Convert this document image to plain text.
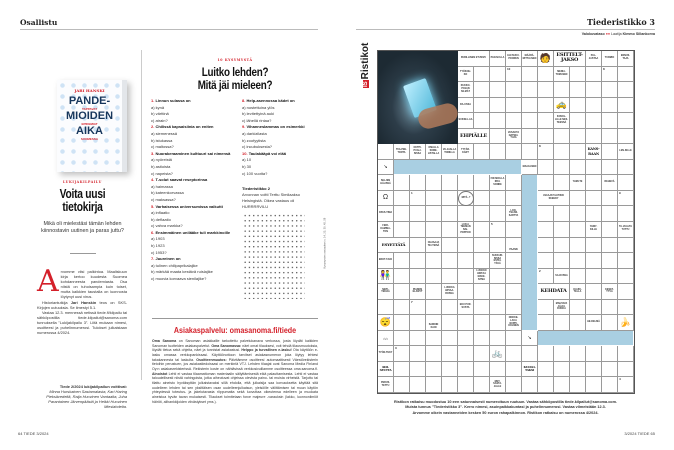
Osallistu
JARI HANSKI
PANDE-
TAPPAVAT
MIOIDEN
EPIDEMIAT
AIKA
SUOMESSA
LUKIJAKILPAILU
Voita uusi tietokirja
Mikä oli mielestäsi tämän lehden kiinnostavin uutinen ja paras juttu?

Arvomme viisi palkintoa. Maaliskuun kirja kertoo kuudesta Suomea kohdanneesta pandemiasta. Osa niistä on tuhoisampia kuin toiset, mutta kaikkien taustalla on luonnosta löytynyt uusi virus.

Historiantutkija Jari Hanskin teos on SKS-Kirjojen uutuuksia. Se ilmestyi 5.1.

Vastaa 12.3. mennessä netissä tiede.fi/kilpailu tai sähköpostilla tiede.kilpailut@sanoma.com tunnuksella "Lukijakilpailu 3". Liitä mukaan nimesi, osoitteesi ja puhelinnumerosi. Tulokset julkaistaan numerossa 4/2024.

Tiede 2/2024 lukijakilpailun voittivat:
Minna Hurskainen Sastamalasta, Kari Haring Pieksävedeltä, Raija Huovinen Vantaalta, Juha Parantainen Järvenpäästä ja Heikki Huovinen Mieslahdelta.
64 TIEDE 3/2024
10 KYSYMYSTÄ
Luitko lehden?
Mitä jäi mieleen?
1. Linnun sulassa on
a) kynä
b) värttinä
c) atrain?
2. Chilissä kapsaisiinia on eniten
a) siemenessä
b) istukassa
c) maltossa?
3. Nuorakeraaminen kulttuuri sai nimensä
a) nyöreistä
b) astioista
c) napeista?
4. T-solut saavat reseptorinsa
a) haimassa
b) kateenkorvassa
c) maksassa?
5. Varhaisessa universumissa vaikutti
a) inflaatio
b) deflaatio
c) vahva markka?
6. Ensimmäinen unilääke tuli markkinoille
a) 1903
b) 1923
c) 1953?
7. Juureinen on
a) tulinen chilipaprikalajike
b) märkää maata kestävä ruislajike
c) muovia korvaava sienilajike?
8. Help-asennossa kädet on
a) nostettuina ylös
b) levitettyinä auki
c) lähellä rintaa?
9. Vihanneslammas on esimerkki
a) darkizilasta
b) zoofyytista
c) incubuksesta?
10. Taulakääpä voi elää
a) 10
b) 30
c) 100 vuotta?
Tiederistikko 2
Arvonnan voitti Terttu Similaakso Helsingistä. Oikea vastaus oli HURRRRVILU
Kysymysten vastaukset s. 14, 25, 30, 45, 58
Asiakaspalvelu: omasanoma.fi/tiede
Oma Sanoma on Sanoman asiakkaille tarkoitettu palvelukanava verkossa, josta löydät kaikkien Sanoman tuotteiden asiakaspalvelut. Oma Sanomassa: näet omat tilauksesi, voit tehdä tilausmuutoksia, löydät tietoa sekä ohjeita, näet ja tunnistat asiakastusi. Helppo ja turvallinen e-lasku! Ota käyttöön e-lasku omassa verkkopankissasi. Käyttöönottoon tarvitset asiakasnumeron joka löytyy lehtesi takakannesta tai laskulta. Osoitteenmuutos: Päivitämme osoitteesi automaattisesti Väestörekisterin tietoihin perustuen, jos asiakastiedoissasi on merkintä VTJ. Lehden tilaajat ovat Sanoma Media Finland Oy:n asiakasrekisterissä. Rekisterin koste on nähtävissä verkkosivuillamme osoitteessa oma.sanoma.fi. Ainoistot Lehti ei vastaa tilaamattoman materiaalin säilyttämisestä eikä palauttamisesta. Lehti ei vastaa taloudellisesti niistä vahingoista, jotka aiheutuvat ohjeissa olevista paino- tai muista virheistä. Tarjottu tai tilattu aineisto hyväksyttän julkaistavaksi sillä ehdolla, että julkaisija saa korvauksetta käyttää sitä uudelleen lehden tai sen yksittäisen osan uudelleenjulkaisun, yleisöille välittämisen tai muun käytön yhteydessä toteutus- ja jakelutavasta riippumatta sekä luovuttaa oikeutensa edelleen ja muokata aineistoa hyvän tavan mukaisesti. Tilaukset toimitetaan force majeure -varauksin (lakko, luonnonilmiöt häiriöt, alihankkijoiden viivästykset yms.).
Tiederistikko 3
Valokuvataso ●● Laatija Kimmo Sillankorva
IS
Ristikot	PARILLINEN ETUSIVU	PAN-NULLA	EHI SUKU-POOREN
MÄÄRÄ-MITTAI-NEN 🧑	ESITTELT-JAKSO
PAL-JASTAA	TURMIO	ENNUS-TAJA
TYÖKOH-KO
MEDIA-TOMI-NEN
KUKKO-POJAN SILMÄT
RA-USSA	🚕
SUKSE-LAA
KOSOL-LILLE NES-TEESSÄ
EHPIÄLLE
VASAKTA NATSEI-TUJA
TIIA-PEE-TONTA
OUTPI-PUALI-SISSA
OMALLA SOME-LISTALLA
VA-JAALLA TOMILLA
TYTÄR-KÄRT
KANS-RAAN
LEN-KILLE
↘	MAAGI-NEN
SELJEN HÄLISSÄ
FIR-MOILLA IRKI-SONDE
YHMI-TE	REHEVÄ
Ω	MITÄ -?
AVAAJAT HATIKKI SKEEDY
OPAS-TIMA
LOO-TELIMI-SARTTA
FEIR-KAMINA-TON
LUKU-TEEMAN NAI-POPPOO
YHMY-KILLE
TA-VAALTA TUTTU
ESYETTÄTÄ	OHJAAJA TEI-TEISÄ
PAANN
EROT-TAVA
SUKKUR-SISSA ESTEI-TÄVÄ
👫	LUOKKO HINTAA MAKE-NYMA
SA-DUSSA
NEPI-TEKIJÄ
PIANON ELÄMYT
LUOKKA ARVAA-ROSSA	KEHDATA	KAUKI-TELLA
KESET-TYVÄ
EKU PUR-SUSTA
MAHTAVA JÄLKI-RUOKA
😴	SAMOIN KAIN
NOKKE-LAUA NUPPI-KOLMEN
HE-DELMÄ 🍌
⌂⌂	↘
TYÖN-TEKY	🚲
ROI-SEUTTA
KUOLO-TAKSI
PERUS-TETTU
MET-SASTA-JALLE
10	8
8
1	9
5
2
7
3
4
Ristikon ratkaisu muodostuu 10:een satunnaisesti numeroituun ruutuun. Vastaa sähköpostilla tiede.kilpailut@sanoma.com.
Muista tunnus "Tiederistikko 3". Kerro nimesi, asuinpaikkakuntasi ja puhelinnumerosi. Vastaa viimeistään 12.3.
Arvomme oikein vastanneiden kesken 50 euron rahapalkinnon. Ristikon ratkaisu on numerossa 4/2024.
3/2024 TIEDE 65
